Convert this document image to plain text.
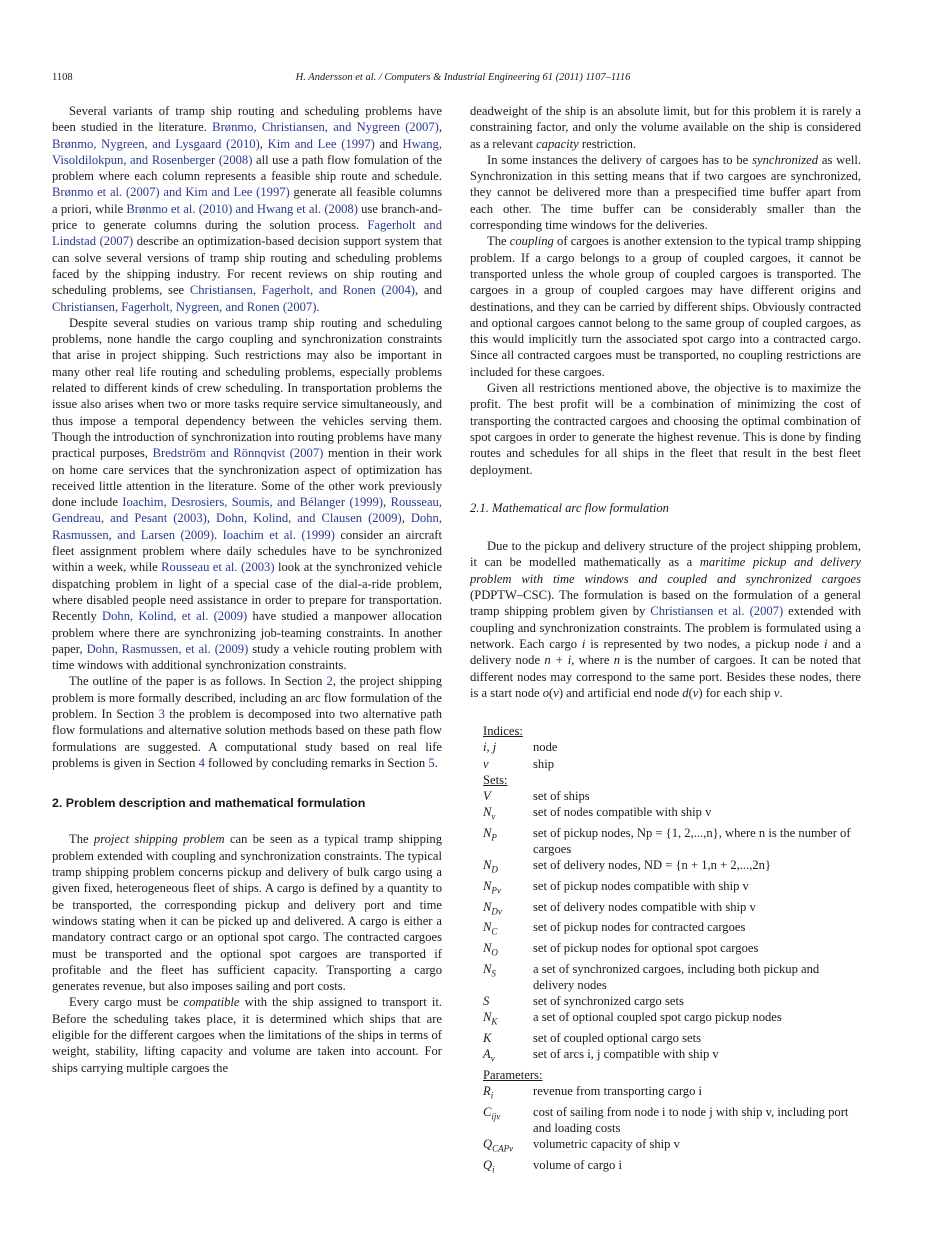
1108	H. Andersson et al. / Computers & Industrial Engineering 61 (2011) 1107–1116

Several variants of tramp ship routing and scheduling problems have been studied in the literature. Brønmo, Christiansen, and Nygreen (2007), Brønmo, Nygreen, and Lysgaard (2010), Kim and Lee (1997) and Hwang, Visoldilokpun, and Rosenberger (2008) all use a path flow fomulation of the problem where each column represents a feasible ship route and schedule. Brønmo et al. (2007) and Kim and Lee (1997) generate all feasible columns a priori, while Brønmo et al. (2010) and Hwang et al. (2008) use branch-and-price to generate columns during the solution process. Fagerholt and Lindstad (2007) describe an optimization-based decision support system that can solve several versions of tramp ship routing and scheduling problems faced by the shipping industry. For recent reviews on ship routing and scheduling problems, see Christiansen, Fagerholt, and Ronen (2004), and Christiansen, Fagerholt, Nygreen, and Ronen (2007).

Despite several studies on various tramp ship routing and scheduling problems, none handle the cargo coupling and synchronization constraints that arise in project shipping. Such restrictions may also be important in many other real life routing and scheduling problems, especially problems related to different kinds of crew scheduling. In transportation problems the issue also arises when two or more tasks require service simultaneously, and thus impose a temporal dependency between the vehicles serving them. Though the introduction of synchronization into routing problems have many practical purposes, Bredström and Rönnqvist (2007) mention in their work on home care services that the synchronization aspect of optimization has received little attention in the literature. Some of the other work previously done include Ioachim, Desrosiers, Soumis, and Bélanger (1999), Rousseau, Gendreau, and Pesant (2003), Dohn, Kolind, and Clausen (2009), Dohn, Rasmussen, and Larsen (2009). Ioachim et al. (1999) consider an aircraft fleet assignment problem where daily schedules have to be synchronized within a week, while Rousseau et al. (2003) look at the synchronized vehicle dispatching problem in light of a special case of the dial-a-ride problem, where disabled people need assistance in order to prepare for transportation. Recently Dohn, Kolind, et al. (2009) have studied a manpower allocation problem where there are synchronizing job-teaming constraints. In another paper, Dohn, Rasmussen, et al. (2009) study a vehicle routing problem with time windows with additional synchronization constraints.

The outline of the paper is as follows. In Section 2, the project shipping problem is more formally described, including an arc flow formulation of the problem. In Section 3 the problem is decomposed into two alternative path flow formulations and alternative solution methods based on these path flow formulations are suggested. A computational study based on real life problems is given in Section 4 followed by concluding remarks in Section 5.

2. Problem description and mathematical formulation

The project shipping problem can be seen as a typical tramp shipping problem extended with coupling and synchronization constraints. The typical tramp shipping problem concerns pickup and delivery of bulk cargo using a given fixed, heterogeneous fleet of ships. A cargo is defined by a quantity to be transported, the corresponding pickup and delivery port and time windows stating when it can be picked up and delivered. A cargo is either a mandatory contract cargo or an optional spot cargo. The contracted cargoes must be transported and the optional spot cargoes are transported if profitable and the fleet has sufficient capacity. Transporting a cargo generates revenue, but also imposes sailing and port costs.

Every cargo must be compatible with the ship assigned to transport it. Before the scheduling takes place, it is determined which ships that are eligible for the different cargoes when the limitations of the ships in terms of weight, stability, lifting capacity and volume are taken into account. For ships carrying multiple cargoes the

deadweight of the ship is an absolute limit, but for this problem it is rarely a constraining factor, and only the volume available on the ship is considered as a relevant capacity restriction.

In some instances the delivery of cargoes has to be synchronized as well. Synchronization in this setting means that if two cargoes are synchronized, they cannot be delivered more than a prespecified time buffer apart from each other. The time buffer can be considerably smaller than the corresponding time windows for the deliveries.

The coupling of cargoes is another extension to the typical tramp shipping problem. If a cargo belongs to a group of coupled cargoes, it cannot be transported unless the whole group of coupled cargoes is transported. The cargoes in a group of coupled cargoes may have different origins and destinations, and they can be carried by different ships. Obviously contracted and optional cargoes cannot belong to the same group of coupled cargoes, as this would implicitly turn the associated spot cargo into a contracted cargo. Since all contracted cargoes must be transported, no coupling restrictions are included for these cargoes.

Given all restrictions mentioned above, the objective is to maximize the profit. The best profit will be a combination of minimizing the cost of transporting the contracted cargoes and choosing the optimal combination of spot cargoes in order to generate the highest revenue. This is done by finding routes and schedules for all ships in the fleet that result in the best fleet deployment.

2.1. Mathematical arc flow formulation

Due to the pickup and delivery structure of the project shipping problem, it can be modelled mathematically as a maritime pickup and delivery problem with time windows and coupled and synchronized cargoes (PDPTW–CSC). The formulation is based on the formulation of a general tramp shipping problem given by Christiansen et al. (2007) extended with coupling and synchronization constraints. The problem is formulated using a network. Each cargo i is represented by two nodes, a pickup node i and a delivery node n + i, where n is the number of cargoes. It can be noted that different nodes may correspond to the same port. Besides these nodes, there is a start node o(v) and artificial end node d(v) for each ship v.

Indices:
i, j	node
v	ship
Sets:
V	set of ships
$N_v$	set of nodes compatible with ship v
$N_P$	set of pickup nodes, Np = {1, 2,...,n}, where n is the number of cargoes
$N_D$	set of delivery nodes, ND = {n + 1,n + 2,...,2n}
$N_{Pv}$	set of pickup nodes compatible with ship v
$N_{Dv}$	set of delivery nodes compatible with ship v
$N_C$	set of pickup nodes for contracted cargoes
$N_O$	set of pickup nodes for optional spot cargoes
$N_S$	a set of synchronized cargoes, including both pickup and delivery nodes
S	set of synchronized cargo sets
$N_K$	a set of optional coupled spot cargo pickup nodes
K	set of coupled optional cargo sets
$A_v$	set of arcs i, j compatible with ship v
Parameters:
$R_i$	revenue from transporting cargo i
$C_{ijv}$	cost of sailing from node i to node j with ship v, including port and loading costs
$Q_{CAPv}$	volumetric capacity of ship v
$Q_i$	volume of cargo i
